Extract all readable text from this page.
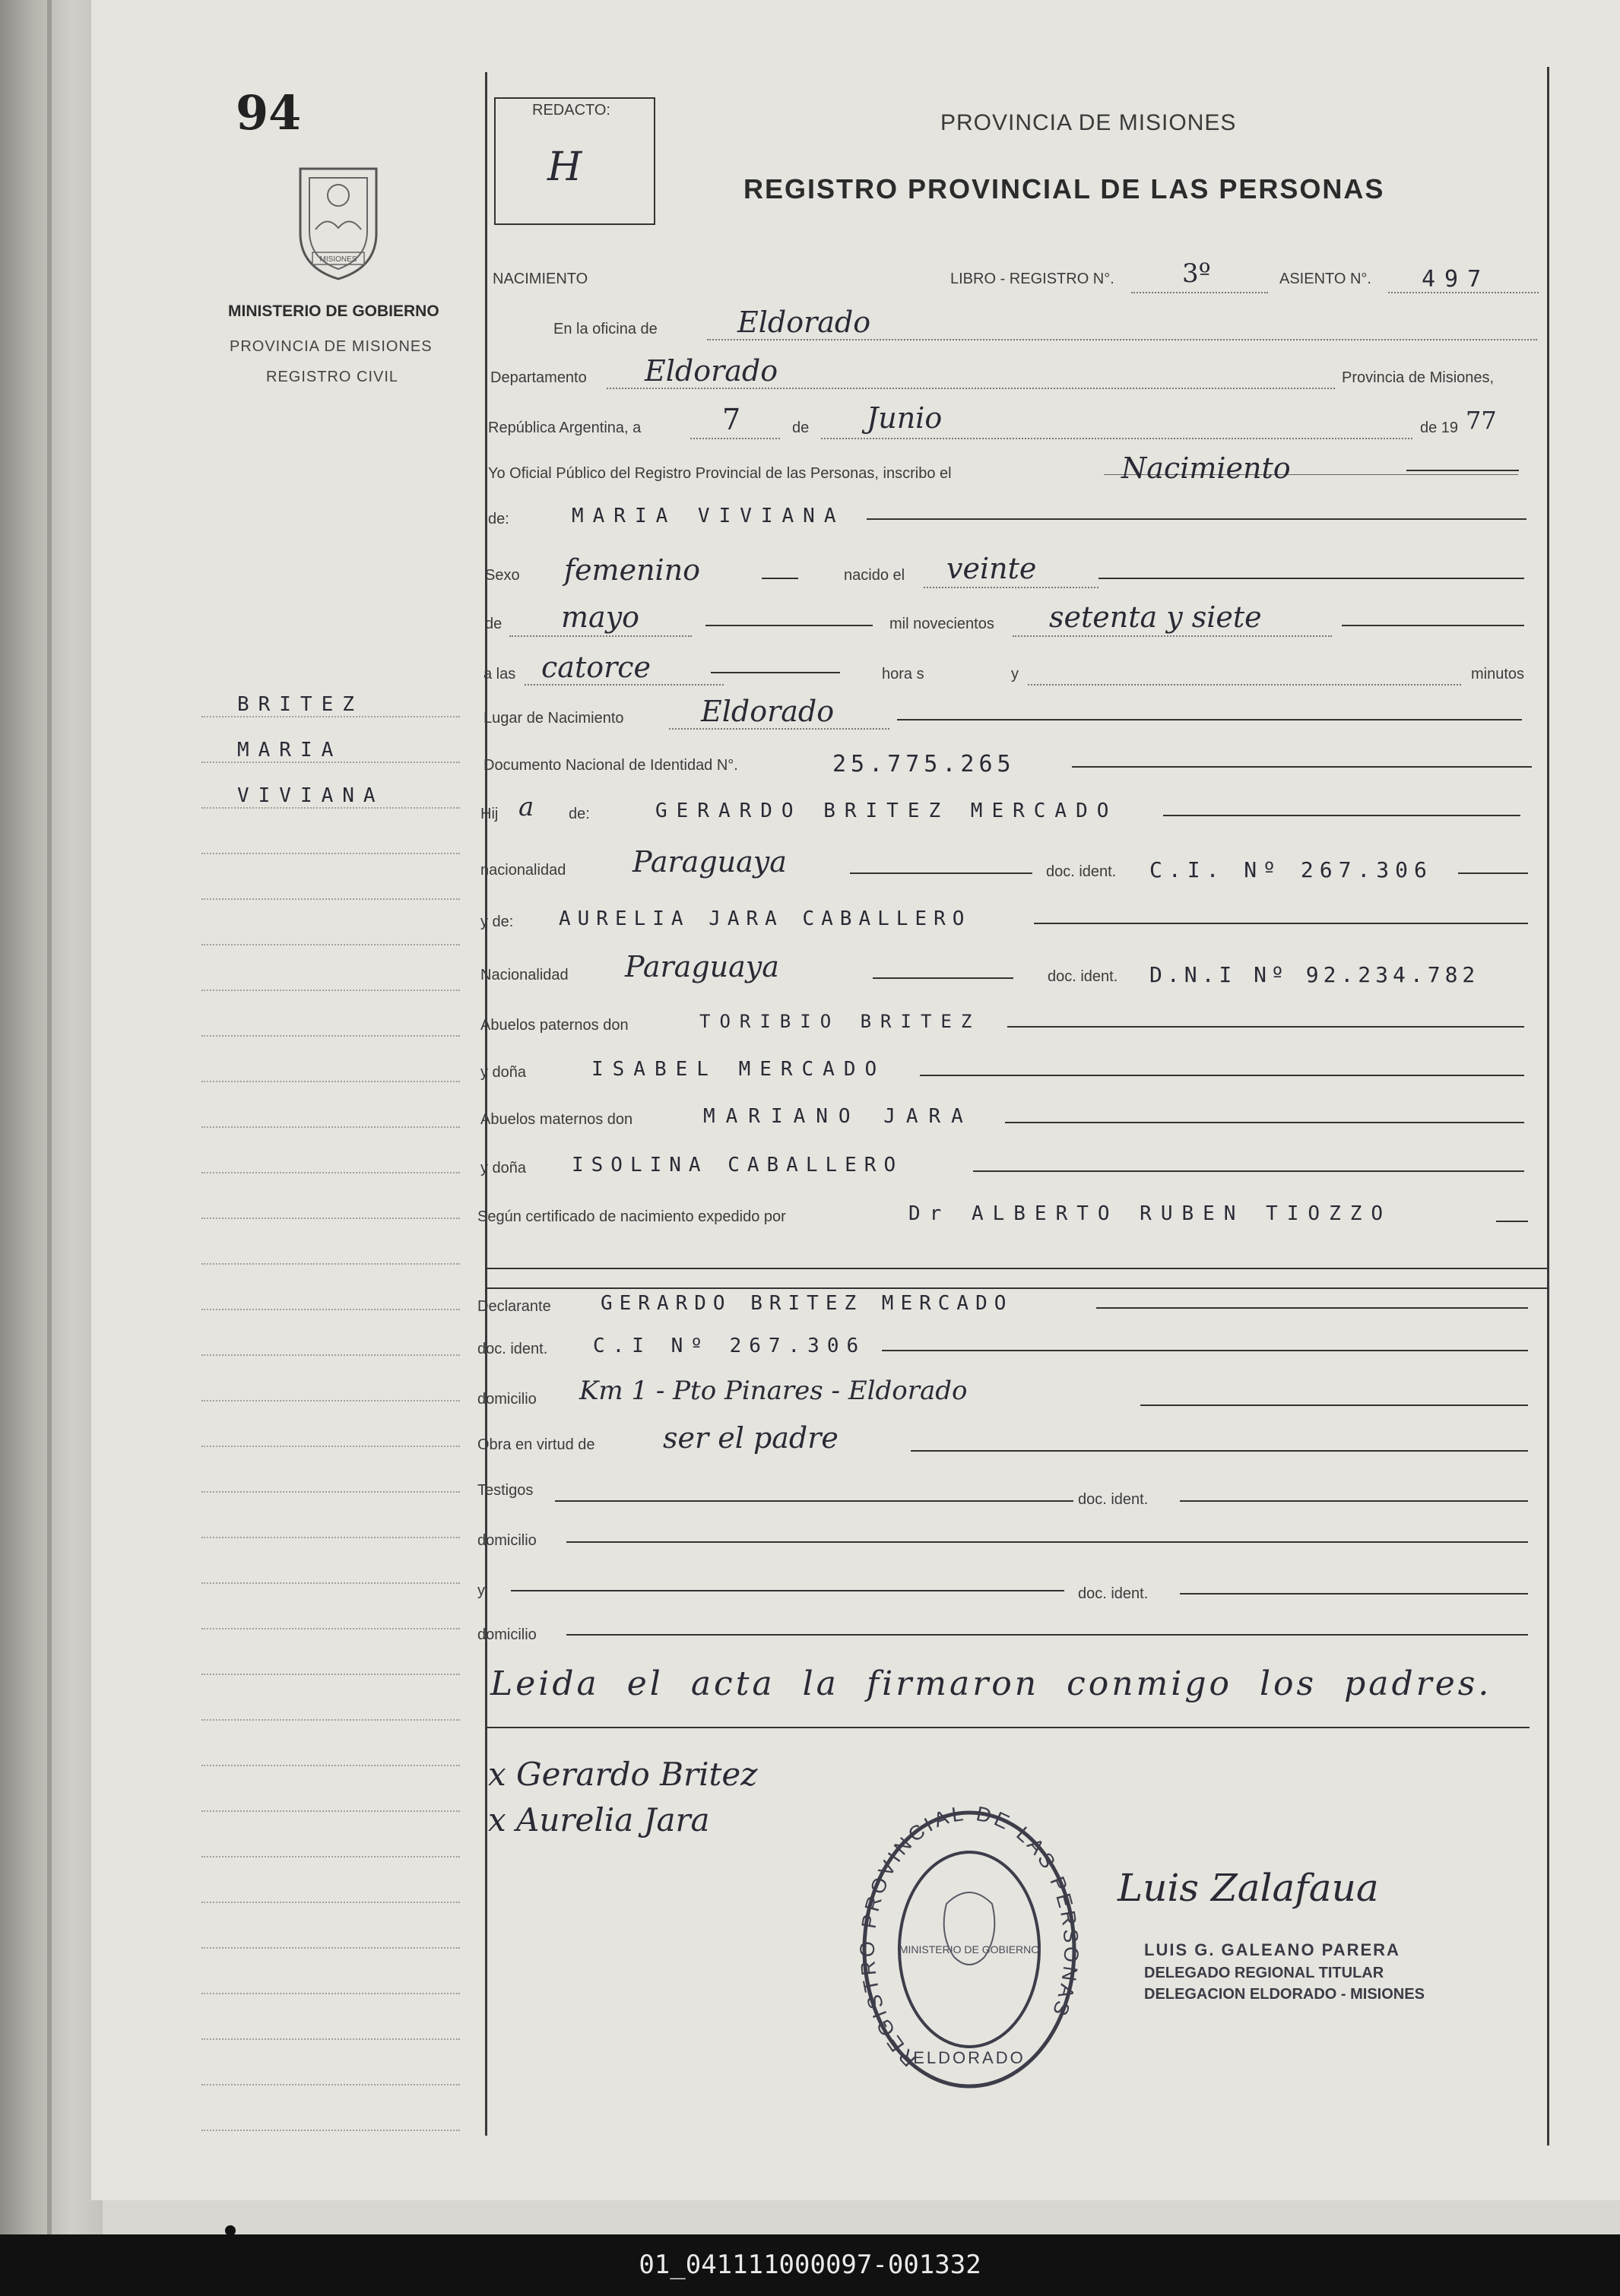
94
MISIONES
MINISTERIO DE GOBIERNO
PROVINCIA DE MISIONES
REGISTRO CIVIL
BRITEZ
MARIA
VIVIANA
REDACTO:
H
PROVINCIA DE MISIONES
REGISTRO PROVINCIAL DE LAS PERSONAS
NACIMIENTO	LIBRO - REGISTRO N°.	3º	ASIENTO N°. 497
En la oficina de	Eldorado
Departamento Eldorado	Provincia de Misiones,
República Argentina, a	7	de Junio	de 19 77
Yo Oficial Público del Registro Provincial de las Personas, inscribo el	Nacimiento
de:	MARIA VIVIANA
Sexo femenino	nacido el veinte
de mayo	mil novecientos setenta y siete
a las catorce	hora s	y	minutos
Lugar de Nacimiento	Eldorado
Documento Nacional de Identidad N°.	25.775.265
Hij a de:	GERARDO BRITEZ MERCADO
nacionalidad Paraguaya	doc. ident. C.I. Nº 267.306
y de: AURELIA JARA CABALLERO
Nacionalidad Paraguaya	doc. ident. D.N.I Nº 92.234.782
Abuelos paternos don	TORIBIO BRITEZ
y doña	ISABEL MERCADO
Abuelos maternos don	MARIANO JARA
y doña ISOLINA CABALLERO
Según certificado de nacimiento expedido por	Dr ALBERTO RUBEN TIOZZO
Declarante	GERARDO BRITEZ MERCADO
doc. ident. C.I Nº 267.306
domicilio Km 1 - Pto Pinares - Eldorado
Obra en virtud de ser el padre
Testigos
doc. ident.
domicilio
y	doc. ident.
domicilio
Leida el acta la firmaron conmigo los padres.
x Gerardo Britez
x Aurelia Jara
REGISTRO PROVINCIAL DE LAS PERSONAS
MINISTERIO DE GOBIERNO
ELDORADO
Luis Zalafaua
LUIS G. GALEANO PARERA
DELEGADO REGIONAL TITULAR
DELEGACION ELDORADO - MISIONES
01_041111000097-001332
